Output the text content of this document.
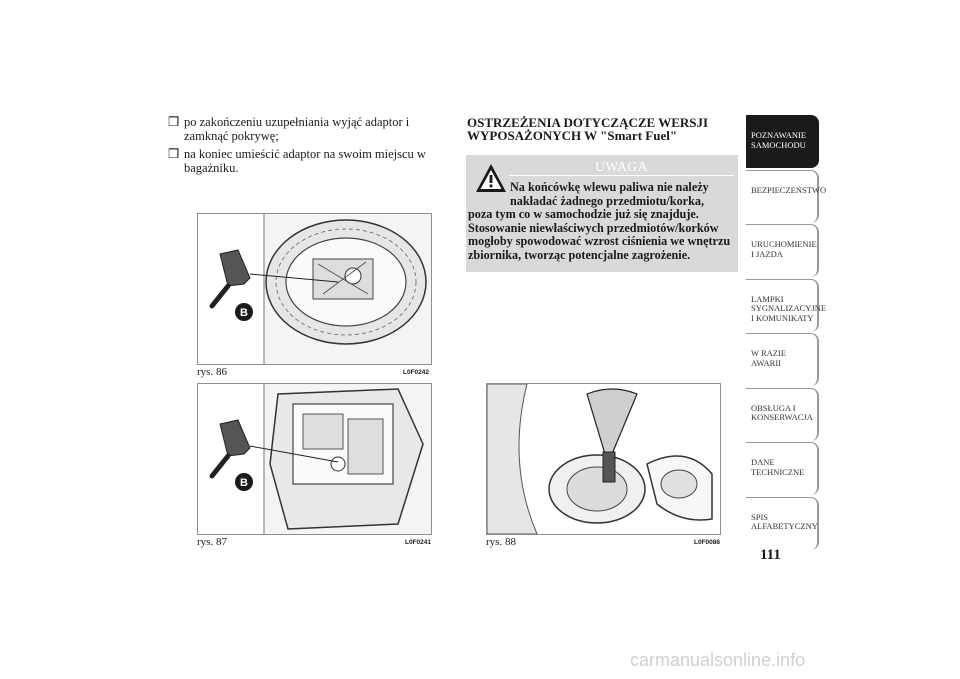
❒ po zakończeniu uzupełniania wyjąć adaptor i zamknąć pokrywę;
❒ na koniec umieścić adaptor na swoim miejscu w bagażniku.
OSTRZEŻENIA DOTYCZĄCZE WERSJI WYPOSAŻONYCH W "Smart Fuel"
UWAGA
Na końcówkę wlewu paliwa nie należy
nakładać żadnego przedmiotu/korka,
poza tym co w samochodzie już się znajduje. Stosowanie niewłaściwych przedmiotów/korków mogłoby spowodować wzrost ciśnienia we wnętrzu zbiornika, tworząc potencjalne zagrożenie.
B
rys. 86	L0F0242
B
rys. 87	L0F0241	rys. 88	L0F0086
POZNAWANIE SAMOCHODU
BEZPIECZEŃSTWO
URUCHOMIENIE I JAZDA
LAMPKI SYGNALIZACYJNE I KOMUNIKATY
W RAZIE AWARII
OBSŁUGA I KONSERWACJA
DANE TECHNICZNE
SPIS ALFABETYCZNY
111
carmanualsonline.info
